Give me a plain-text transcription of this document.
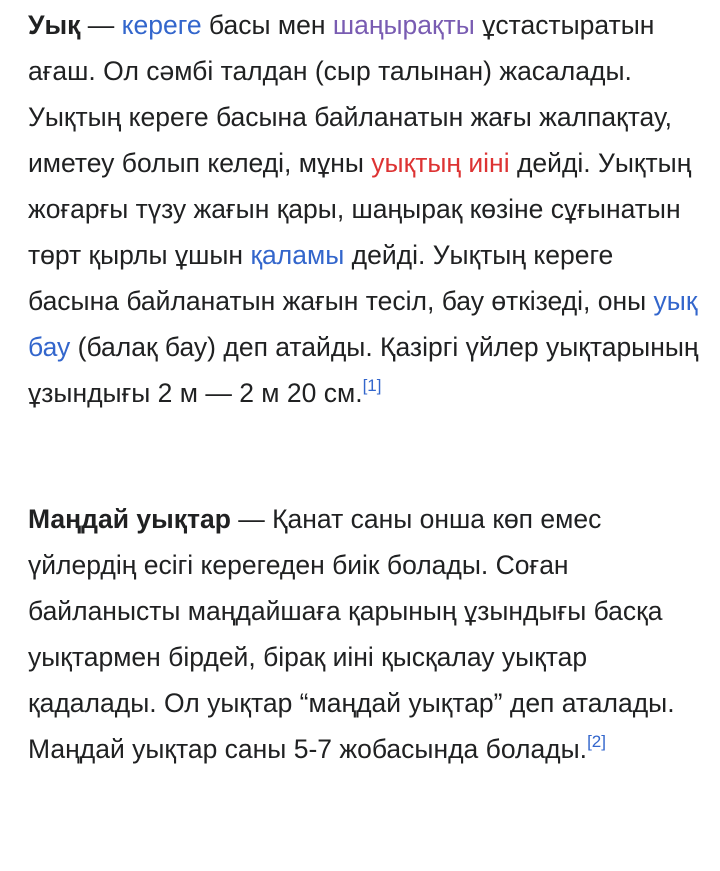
Уық — кереге басы мен шаңырақты ұстастыратын ағаш. Ол сәмбі талдан (сыр талынан) жасалады. Уықтың кереге басына байланатын жағы жалпақтау, иметеу болып келеді, мұны уықтың иіні дейді. Уықтың жоғарғы түзу жағын қары, шаңырақ көзіне сұғынатын төрт қырлы ұшын қаламы дейді. Уықтың кереге басына байланатын жағын тесіл, бау өткізеді, оны уық бау (балақ бау) деп атайды. Қазіргі үйлер уықтарының ұзындығы 2 м — 2 м 20 см.[1]

Маңдай уықтар — Қанат саны онша көп емес үйлердің есігі керегеден биік болады. Соған байланысты маңдайшаға қарының ұзындығы басқа уықтармен бірдей, бірақ иіні қысқалау уықтар қадалады. Ол уықтар “маңдай уықтар” деп аталады. Маңдай уықтар саны 5-7 жобасында болады.[2]
